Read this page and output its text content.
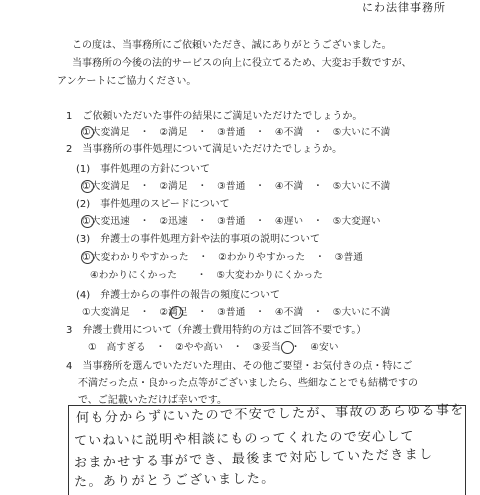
にわ法律事務所
この度は、当事務所にご依頼いただき、誠にありがとうございました。
当事務所の今後の法的サービスの向上に役立てるため、大変お手数ですが、
アンケートにご協力ください。
1　ご依頼いただいた事件の結果にご満足いただけたでしょうか。
①大変満足　・　②満足　・　③普通　・　④不満　・　⑤大いに不満
2　当事務所の事件処理について満足いただけたでしょうか。
(1)　事件処理の方針について
①大変満足　・　②満足　・　③普通　・　④不満　・　⑤大いに不満
(2)　事件処理のスピードについて
①大変迅速　・　②迅速　・　③普通　・　④遅い　・　⑤大変遅い
(3)　弁護士の事件処理方針や法的事項の説明について
①大変わかりやすかった　・　②わかりやすかった　・　③普通
④わかりにくかった　　・　⑤大変わかりにくかった
(4)　弁護士からの事件の報告の頻度について
①大変満足　・　②満足　・　③普通　・　④不満　・　⑤大いに不満
3　弁護士費用について（弁護士費用特約の方はご回答不要です。）
①　高すぎる　・　②やや高い　・　③妥当　・　④安い
4　当事務所を選んでいただいた理由、その他ご要望・お気付きの点・特にご
不満だった点・良かった点等がございましたら、些細なことでも結構ですの
で、ご記載いただけば幸いです。
何も分からずにいたので不安でしたが、事故のあらゆる事を
ていねいに説明や相談にものってくれたので安心して
おまかせする事ができ、最後まで対応していただきまし
た。ありがとうございました。
